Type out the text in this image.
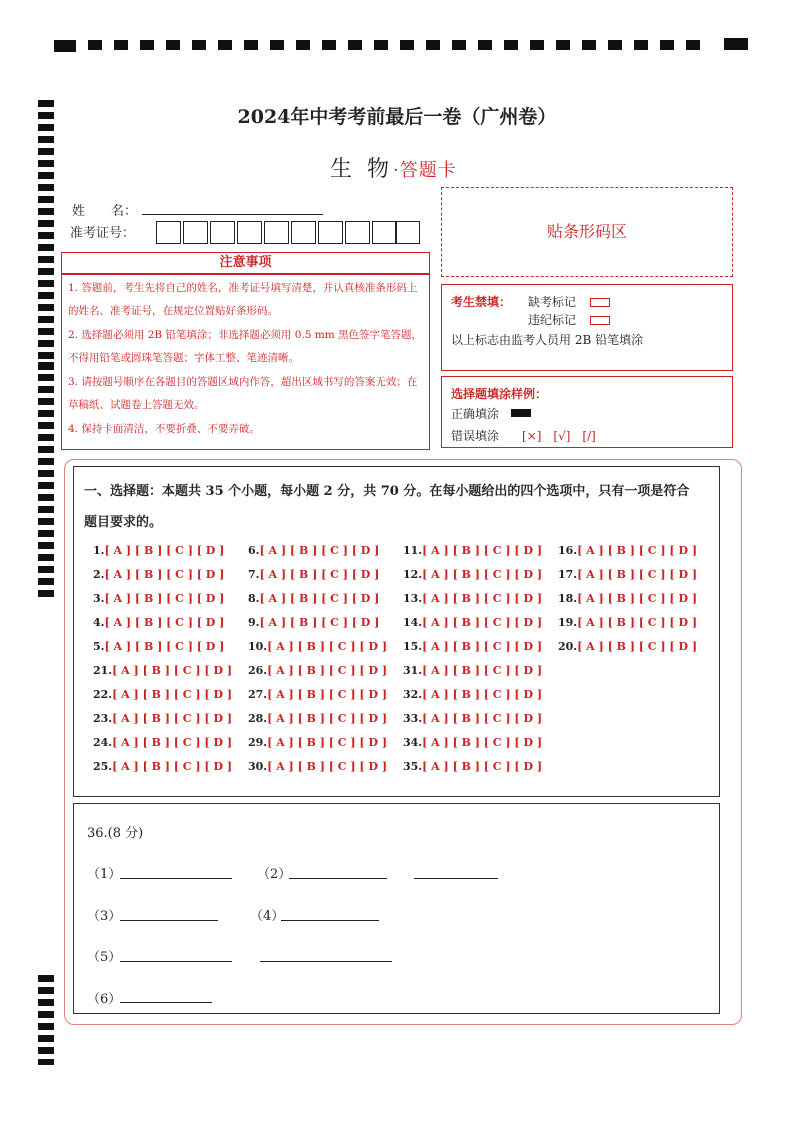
2024年中考考前最后一卷（广州卷）
生 物·答题卡
姓　　名：
准考证号：	贴条形码区
注意事项

1. 答题前，考生先将自己的姓名，准考证号填写清楚，并认真核准条形码上的姓名、准考证号，在规定位置贴好条形码。

2. 选择题必须用 2B 铅笔填涂；非选择题必须用 0.5 mm 黑色签字笔答题，不得用铅笔或圆珠笔答题；字体工整、笔迹清晰。

3. 请按题号顺序在各题目的答题区域内作答，超出区域书写的答案无效；在草稿纸、试题卷上答题无效。

4. 保持卡面清洁，不要折叠、不要弄破。

考生禁填： 缺考标记
违纪标记
以上标志由监考人员用 2B 铅笔填涂
选择题填涂样例：
正确填涂
错误填涂 [×]　[√]　[/]
一、选择题：本题共 35 个小题，每小题 2 分，共 70 分。在每小题给出的四个选项中，只有一项是符合
题目要求的。
1.[ A ] [ B ] [ C ] [ D ]
2.[ A ] [ B ] [ C ] [ D ]
3.[ A ] [ B ] [ C ] [ D ]
4.[ A ] [ B ] [ C ] [ D ]
5.[ A ] [ B ] [ C ] [ D ]
6.[ A ] [ B ] [ C ] [ D ]
7.[ A ] [ B ] [ C ] [ D ]
8.[ A ] [ B ] [ C ] [ D ]
9.[ A ] [ B ] [ C ] [ D ]
10.[ A ] [ B ] [ C ] [ D ]
11.[ A ] [ B ] [ C ] [ D ]
12.[ A ] [ B ] [ C ] [ D ]
13.[ A ] [ B ] [ C ] [ D ]
14.[ A ] [ B ] [ C ] [ D ]
15.[ A ] [ B ] [ C ] [ D ]
16.[ A ] [ B ] [ C ] [ D ]
17.[ A ] [ B ] [ C ] [ D ]
18.[ A ] [ B ] [ C ] [ D ]
19.[ A ] [ B ] [ C ] [ D ]
20.[ A ] [ B ] [ C ] [ D ]
21.[ A ] [ B ] [ C ] [ D ]
22.[ A ] [ B ] [ C ] [ D ]
23.[ A ] [ B ] [ C ] [ D ]
24.[ A ] [ B ] [ C ] [ D ]
25.[ A ] [ B ] [ C ] [ D ]
26.[ A ] [ B ] [ C ] [ D ]
27.[ A ] [ B ] [ C ] [ D ]
28.[ A ] [ B ] [ C ] [ D ]
29.[ A ] [ B ] [ C ] [ D ]
30.[ A ] [ B ] [ C ] [ D ]
31.[ A ] [ B ] [ C ] [ D ]
32.[ A ] [ B ] [ C ] [ D ]
33.[ A ] [ B ] [ C ] [ D ]
34.[ A ] [ B ] [ C ] [ D ]
35.[ A ] [ B ] [ C ] [ D ]
36.(8 分)
（1）	（2）
（3）	（4）
（5）
（6）
